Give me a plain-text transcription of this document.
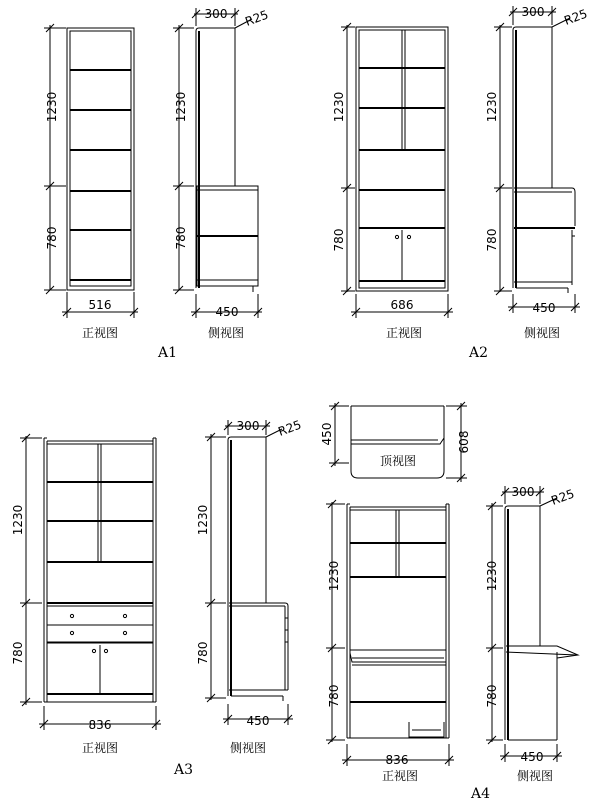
1230
780
516
正视图
300 R25
1230
780
450
侧视图
A1
1230
780
686
正视图
300 R25
1230
780
450
侧视图
A2
1230
780
836
正视图
300 R25
1230
780
450
侧视图
A3
顶视图
450	608
1230
780
836
正视图
300 R25
1230
780
450
侧视图
A4
